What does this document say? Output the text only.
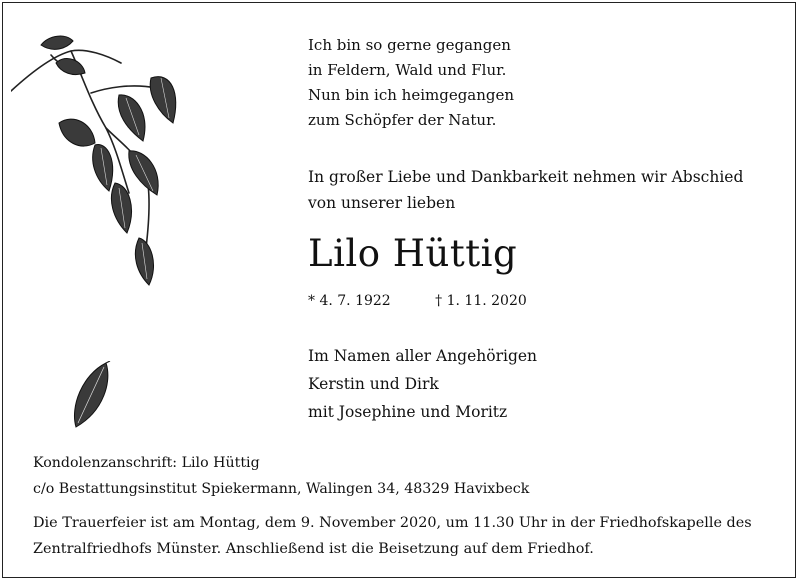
Ich bin so gerne gegangen
in Feldern, Wald und Flur.
Nun bin ich heimgegangen
zum Schöpfer der Natur.
In großer Liebe und Dankbarkeit nehmen wir Abschied
von unserer lieben
Lilo Hüttig
* 4. 7. 1922	† 1. 11. 2020
Im Namen aller Angehörigen
Kerstin und Dirk
mit Josephine und Moritz
Kondolenzanschrift: Lilo Hüttig
c/o Bestattungsinstitut Spiekermann, Walingen 34, 48329 Havixbeck
Die Trauerfeier ist am Montag, dem 9. November 2020, um 11.30 Uhr in der Friedhofskapelle des
Zentralfriedhofs Münster. Anschließend ist die Beisetzung auf dem Friedhof.
